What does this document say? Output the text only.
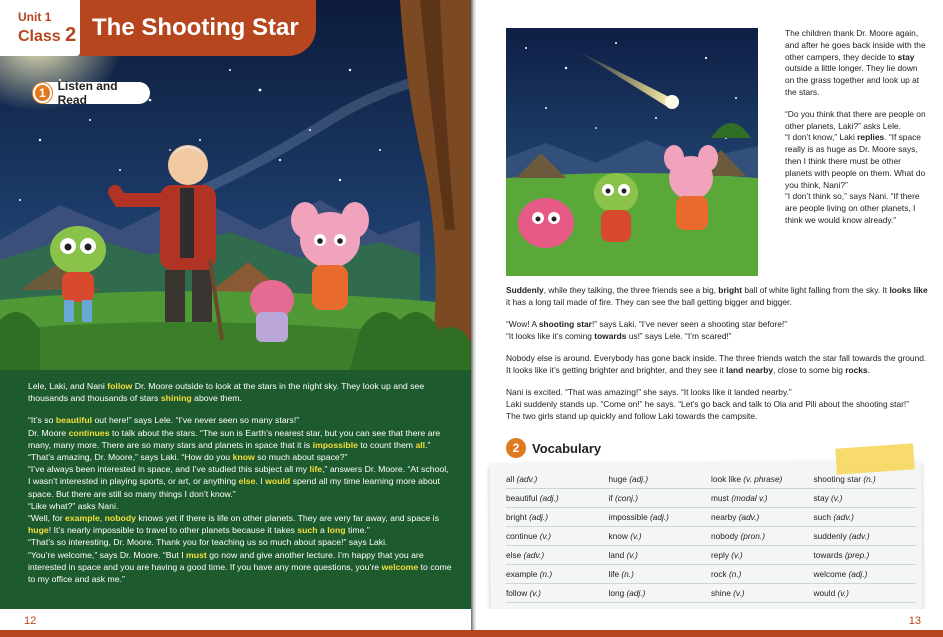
Unit 1
Class 2 The Shooting Star
1 Listen and Read

Lele, Laki, and Nani follow Dr. Moore outside to look at the stars in the night sky. They look up and see thousands and thousands of stars shining above them.

“It’s so beautiful out here!” says Lele. “I’ve never seen so many stars!”
Dr. Moore continues to talk about the stars. “The sun is Earth’s nearest star, but you can see that there are many, many more. There are so many stars and planets in space that it is impossible to count them all.”
“That’s amazing, Dr. Moore,” says Laki. “How do you know so much about space?”
“I’ve always been interested in space, and I’ve studied this subject all my life,” answers Dr. Moore. “At school, I wasn’t interested in playing sports, or art, or anything else. I would spend all my time learning more about space. But there are still so many things I don’t know.”
“Like what?” asks Nani.
“Well, for example, nobody knows yet if there is life on other planets. They are very far away, and space is huge! It’s nearly impossible to travel to other planets because it takes such a long time.”
“That’s so interesting, Dr. Moore. Thank you for teaching us so much about space!” says Laki.
“You’re welcome,” says Dr. Moore. “But I must go now and give another lecture. I’m happy that you are interested in space and you are having a good time. If you have any more questions, you’re welcome to come to my office and ask me.”

12

The children thank Dr. Moore again, and after he goes back inside with the other campers, they decide to stay outside a little longer. They lie down on the grass together and look up at the stars.

“Do you think that there are people on other planets, Laki?” asks Lele.
“I don’t know,” Laki replies. “If space really is as huge as Dr. Moore says, then I think there must be other planets with people on them. What do you think, Nani?”
“I don’t think so,” says Nani. “If there are people living on other planets, I think we would know already.”

Suddenly, while they talking, the three friends see a big, bright ball of white light falling from the sky. It looks like it has a long tail made of fire. They can see the ball getting bigger and bigger.

“Wow! A shooting star!” says Laki. “I’ve never seen a shooting star before!”
“It looks like it’s coming towards us!” says Lele. “I’m scared!”

Nobody else is around. Everybody has gone back inside. The three friends watch the star fall towards the ground. It looks like it’s getting brighter and brighter, and they see it land nearby, close to some big rocks.

Nani is excited. “That was amazing!” she says. “It looks like it landed nearby.”
Laki suddenly stands up. “Come on!” he says. “Let’s go back and talk to Ola and Pili about the shooting star!”
The two girls stand up quickly and follow Laki towards the campsite.

2 Vocabulary
all (adv.)	huge (adj.)	look like (v. phrase)	shooting star (n.)
beautiful (adj.)	if (conj.)	must (modal v.)	stay (v.)
bright (adj.)	impossible (adj.)	nearby (adv.)	such (adv.)
continue (v.)	know (v.)	nobody (pron.)	suddenly (adv.)
else (adv.)	land (v.)	reply (v.)	towards (prep.)
example (n.)	life (n.)	rock (n.)	welcome (adj.)
follow (v.)	long (adj.)	shine (v.)	would (v.)
13
